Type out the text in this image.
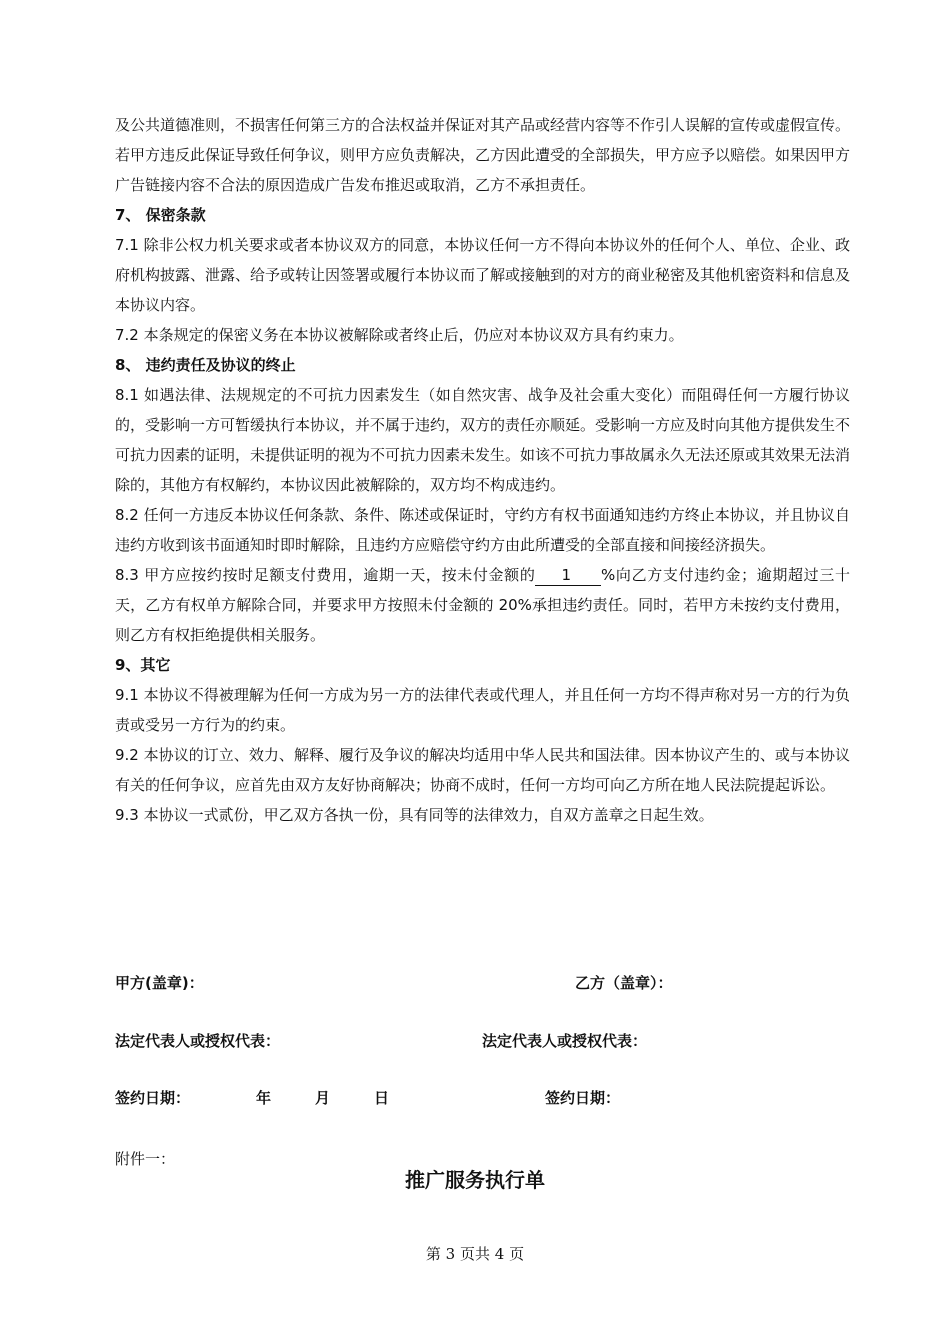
及公共道德准则，不损害任何第三方的合法权益并保证对其产品或经营内容等不作引人误解的宣传或虚假宣传。若甲方违反此保证导致任何争议，则甲方应负责解决，乙方因此遭受的全部损失，甲方应予以赔偿。如果因甲方广告链接内容不合法的原因造成广告发布推迟或取消，乙方不承担责任。

7、 保密条款

7.1 除非公权力机关要求或者本协议双方的同意，本协议任何一方不得向本协议外的任何个人、单位、企业、政府机构披露、泄露、给予或转让因签署或履行本协议而了解或接触到的对方的商业秘密及其他机密资料和信息及本协议内容。

7.2 本条规定的保密义务在本协议被解除或者终止后，仍应对本协议双方具有约束力。

8、 违约责任及协议的终止

8.1 如遇法律、法规规定的不可抗力因素发生（如自然灾害、战争及社会重大变化）而阻碍任何一方履行协议的，受影响一方可暂缓执行本协议，并不属于违约，双方的责任亦顺延。受影响一方应及时向其他方提供发生不可抗力因素的证明，未提供证明的视为不可抗力因素未发生。如该不可抗力事故属永久无法还原或其效果无法消除的，其他方有权解约，本协议因此被解除的，双方均不构成违约。

8.2 任何一方违反本协议任何条款、条件、陈述或保证时，守约方有权书面通知违约方终止本协议，并且协议自违约方收到该书面通知时即时解除，且违约方应赔偿守约方由此所遭受的全部直接和间接经济损失。

8.3 甲方应按约按时足额支付费用，逾期一天，按未付金额的 1 %向乙方支付违约金；逾期超过三十天，乙方有权单方解除合同，并要求甲方按照未付金额的 20%承担违约责任。同时，若甲方未按约支付费用，则乙方有权拒绝提供相关服务。

9、其它

9.1 本协议不得被理解为任何一方成为另一方的法律代表或代理人，并且任何一方均不得声称对另一方的行为负责或受另一方行为的约束。

9.2 本协议的订立、效力、解释、履行及争议的解决均适用中华人民共和国法律。因本协议产生的、或与本协议有关的任何争议，应首先由双方友好协商解决；协商不成时，任何一方均可向乙方所在地人民法院提起诉讼。

9.3 本协议一式贰份，甲乙双方各执一份，具有同等的法律效力，自双方盖章之日起生效。

甲方(盖章)：	乙方（盖章）：
法定代表人或授权代表：	法定代表人或授权代表：
签约日期：	年	月	日	签约日期：
附件一：
推广服务执行单
第 3 页共 4 页
